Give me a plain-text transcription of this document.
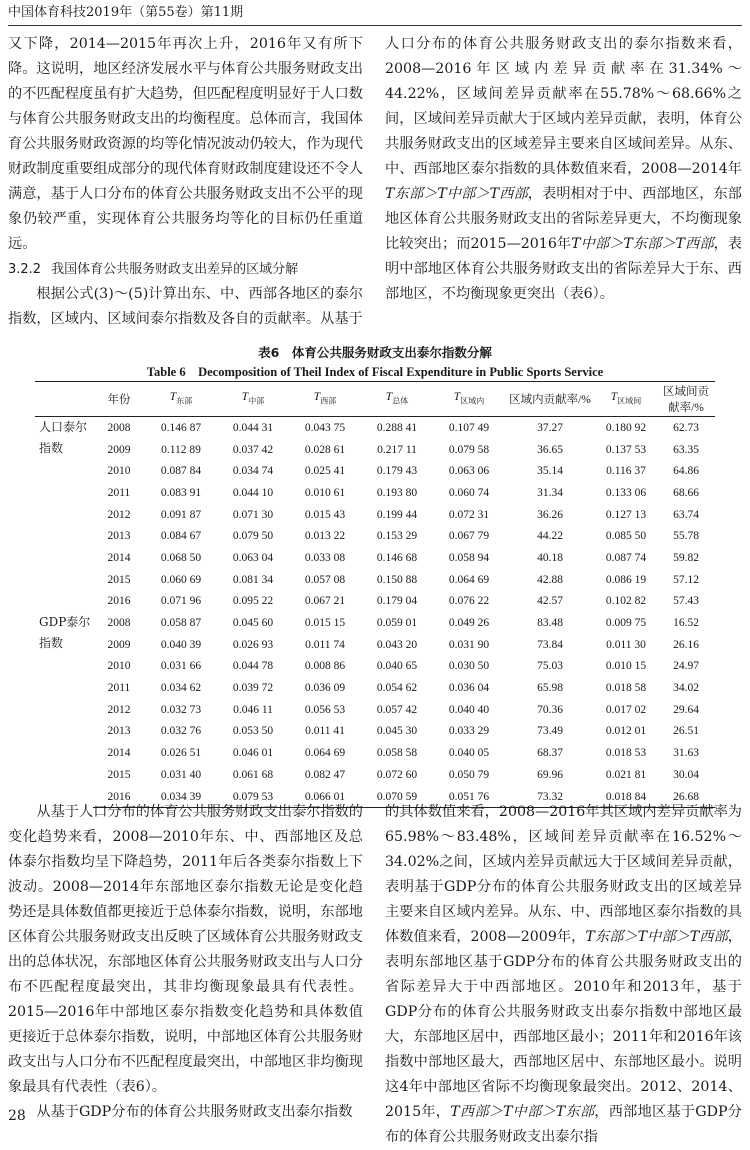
中国体育科技2019年（第55卷）第11期

又下降，2014—2015年再次上升，2016年又有所下降。这说明，地区经济发展水平与体育公共服务财政支出的不匹配程度虽有扩大趋势，但匹配程度明显好于人口数与体育公共服务财政支出的均衡程度。总体而言，我国体育公共服务财政资源的均等化情况波动仍较大，作为现代财政制度重要组成部分的现代体育财政制度建设还不令人满意，基于人口分布的体育公共服务财政支出不公平的现象仍较严重，实现体育公共服务均等化的目标仍任重道远。

3.2.2 我国体育公共服务财政支出差异的区域分解

根据公式(3)～(5)计算出东、中、西部各地区的泰尔指数，区域内、区域间泰尔指数及各自的贡献率。从基于

人口分布的体育公共服务财政支出的泰尔指数来看，2008—2016年区域内差异贡献率在31.34%～44.22%，区域间差异贡献率在55.78%～68.66%之间，区域间差异贡献大于区域内差异贡献，表明，体育公共服务财政支出的区域差异主要来自区域间差异。从东、中、西部地区泰尔指数的具体数值来看，2008—2014年T东部＞T中部＞T西部，表明相对于中、西部地区，东部地区体育公共服务财政支出的省际差异更大，不均衡现象比较突出；而2015—2016年T中部＞T东部＞T西部，表明中部地区体育公共服务财政支出的省际差异大于东、西部地区，不均衡现象更突出（表6）。

表6　体育公共服务财政支出泰尔指数分解
Table 6　Decomposition of Theil Index of Fiscal Expenditure in Public Sports Service
	年份	$T_{东部}$	$T_{中部}$	$T_{西部}$	$T_{总体}$	$T_{区域内}$	区域内贡献率/%	$T_{区域间}$	区域间贡献率/%
人口泰尔指数	2008	0.146 87	0.044 31	0.043 75	0.288 41	0.107 49	37.27	0.180 92	62.73
	2009	0.112 89	0.037 42	0.028 61	0.217 11	0.079 58	36.65	0.137 53	63.35
	2010	0.087 84	0.034 74	0.025 41	0.179 43	0.063 06	35.14	0.116 37	64.86
	2011	0.083 91	0.044 10	0.010 61	0.193 80	0.060 74	31.34	0.133 06	68.66
	2012	0.091 87	0.071 30	0.015 43	0.199 44	0.072 31	36.26	0.127 13	63.74
	2013	0.084 67	0.079 50	0.013 22	0.153 29	0.067 79	44.22	0.085 50	55.78
	2014	0.068 50	0.063 04	0.033 08	0.146 68	0.058 94	40.18	0.087 74	59.82
	2015	0.060 69	0.081 34	0.057 08	0.150 88	0.064 69	42.88	0.086 19	57.12
	2016	0.071 96	0.095 22	0.067 21	0.179 04	0.076 22	42.57	0.102 82	57.43
GDP泰尔指数	2008	0.058 87	0.045 60	0.015 15	0.059 01	0.049 26	83.48	0.009 75	16.52
	2009	0.040 39	0.026 93	0.011 74	0.043 20	0.031 90	73.84	0.011 30	26.16
	2010	0.031 66	0.044 78	0.008 86	0.040 65	0.030 50	75.03	0.010 15	24.97
	2011	0.034 62	0.039 72	0.036 09	0.054 62	0.036 04	65.98	0.018 58	34.02
	2012	0.032 73	0.046 11	0.056 53	0.057 42	0.040 40	70.36	0.017 02	29.64
	2013	0.032 76	0.053 50	0.011 41	0.045 30	0.033 29	73.49	0.012 01	26.51
	2014	0.026 51	0.046 01	0.064 69	0.058 58	0.040 05	68.37	0.018 53	31.63
	2015	0.031 40	0.061 68	0.082 47	0.072 60	0.050 79	69.96	0.021 81	30.04
	2016	0.034 39	0.079 53	0.066 01	0.070 59	0.051 76	73.32	0.018 84	26.68

从基于人口分布的体育公共服务财政支出泰尔指数的变化趋势来看，2008—2010年东、中、西部地区及总体泰尔指数均呈下降趋势，2011年后各类泰尔指数上下波动。2008—2014年东部地区泰尔指数无论是变化趋势还是具体数值都更接近于总体泰尔指数，说明，东部地区体育公共服务财政支出反映了区域体育公共服务财政支出的总体状况，东部地区体育公共服务财政支出与人口分布不匹配程度最突出，其非均衡现象最具有代表性。2015—2016年中部地区泰尔指数变化趋势和具体数值更接近于总体泰尔指数，说明，中部地区体育公共服务财政支出与人口分布不匹配程度最突出，中部地区非均衡现象最具有代表性（表6）。

从基于GDP分布的体育公共服务财政支出泰尔指数

的具体数值来看，2008—2016年其区域内差异贡献率为65.98%～83.48%，区域间差异贡献率在16.52%～34.02%之间，区域内差异贡献远大于区域间差异贡献，表明基于GDP分布的体育公共服务财政支出的区域差异主要来自区域内差异。从东、中、西部地区泰尔指数的具体数值来看，2008—2009年，T东部＞T中部＞T西部，表明东部地区基于GDP分布的体育公共服务财政支出的省际差异大于中西部地区。2010年和2013年，基于GDP分布的体育公共服务财政支出泰尔指数中部地区最大，东部地区居中，西部地区最小；2011年和2016年该指数中部地区最大，西部地区居中、东部地区最小。说明这4年中部地区省际不均衡现象最突出。2012、2014、2015年，T西部＞T中部＞T东部，西部地区基于GDP分布的体育公共服务财政支出泰尔指

28
